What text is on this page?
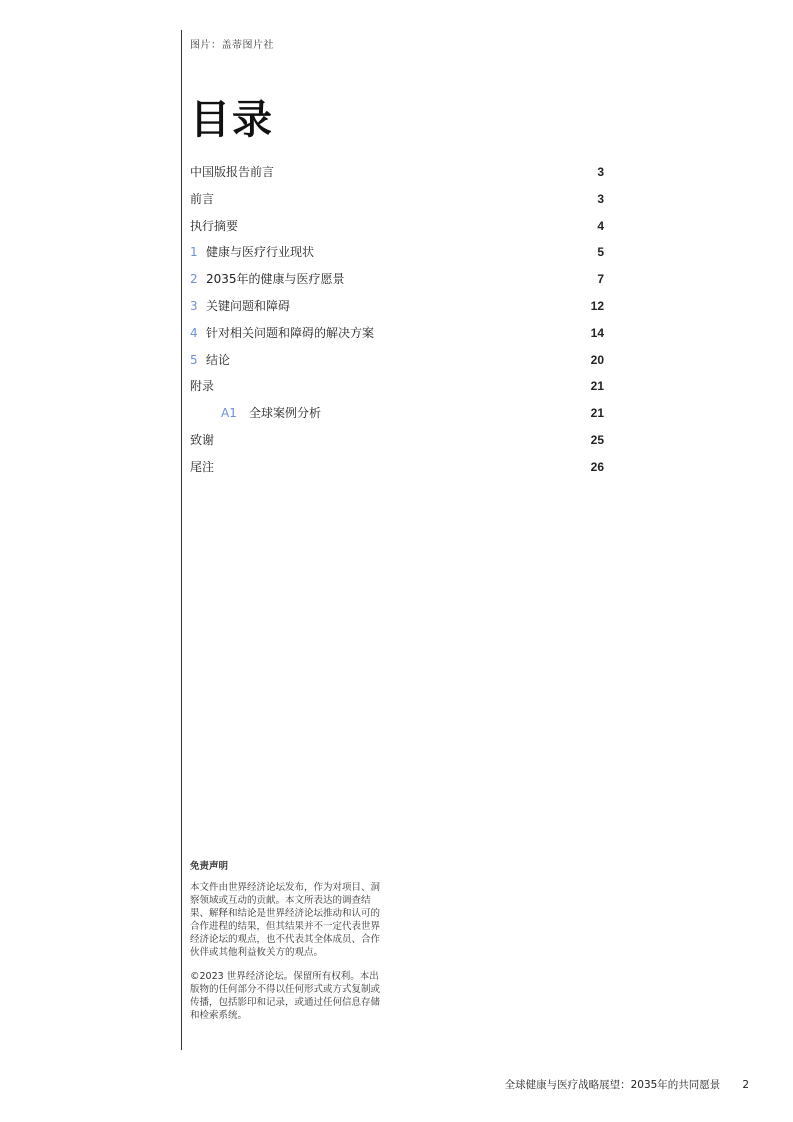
图片：盖蒂图片社
目录
中国版报告前言	3
前言	3
执行摘要	4
1 健康与医疗行业现状	5
2 2035年的健康与医疗愿景	7
3 关键问题和障碍	12
4 针对相关问题和障碍的解决方案	14
5 结论	20
附录	21
A1 全球案例分析	21
致谢	25
尾注	26
免责声明

本文件由世界经济论坛发布，作为对项目、洞察领域或互动的贡献。本文所表达的调查结果、解释和结论是世界经济论坛推动和认可的合作进程的结果，但其结果并不一定代表世界经济论坛的观点，也不代表其全体成员、合作伙伴或其他利益攸关方的观点。

©2023 世界经济论坛。保留所有权利。本出版物的任何部分不得以任何形式或方式复制或传播，包括影印和记录，或通过任何信息存储和检索系统。

全球健康与医疗战略展望：2035年的共同愿景 2
